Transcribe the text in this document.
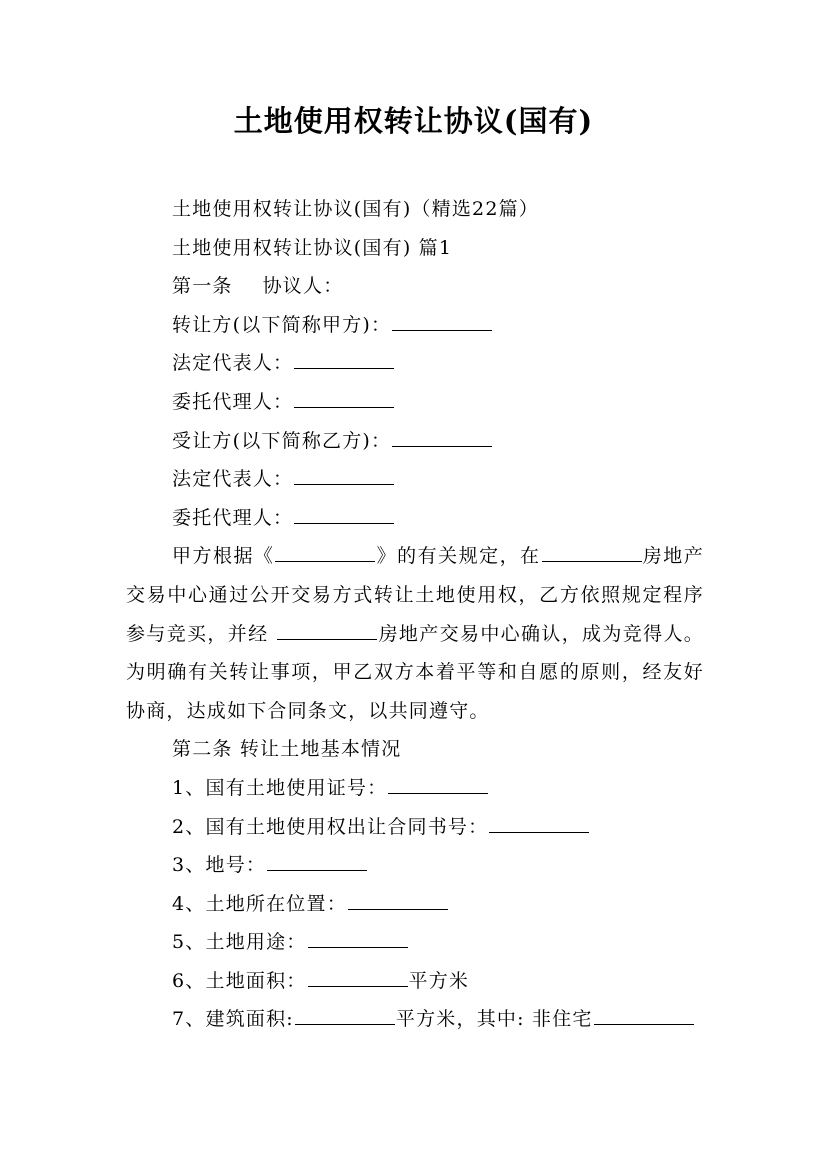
土地使用权转让协议(国有)
土地使用权转让协议(国有)（精选22篇）
土地使用权转让协议(国有) 篇1
第一条 协议人：
转让方(以下简称甲方)：
法定代表人：
委托代理人：
受让方(以下简称乙方)：
法定代表人：
委托代理人：
甲方根据《	》的有关规定，在	房地产交易中心通过公开交易方式转让土地使用权，乙方依照规定程序参与竞买，并经	房地产交易中心确认，成为竞得人。为明确有关转让事项，甲乙双方本着平等和自愿的原则，经友好协商，达成如下合同条文，以共同遵守。
第二条 转让土地基本情况
1、国有土地使用证号：
2、国有土地使用权出让合同书号：
3、地号：
4、土地所在位置：
5、土地用途：
6、土地面积：	平方米
7、建筑面积:	平方米，其中: 非住宅
